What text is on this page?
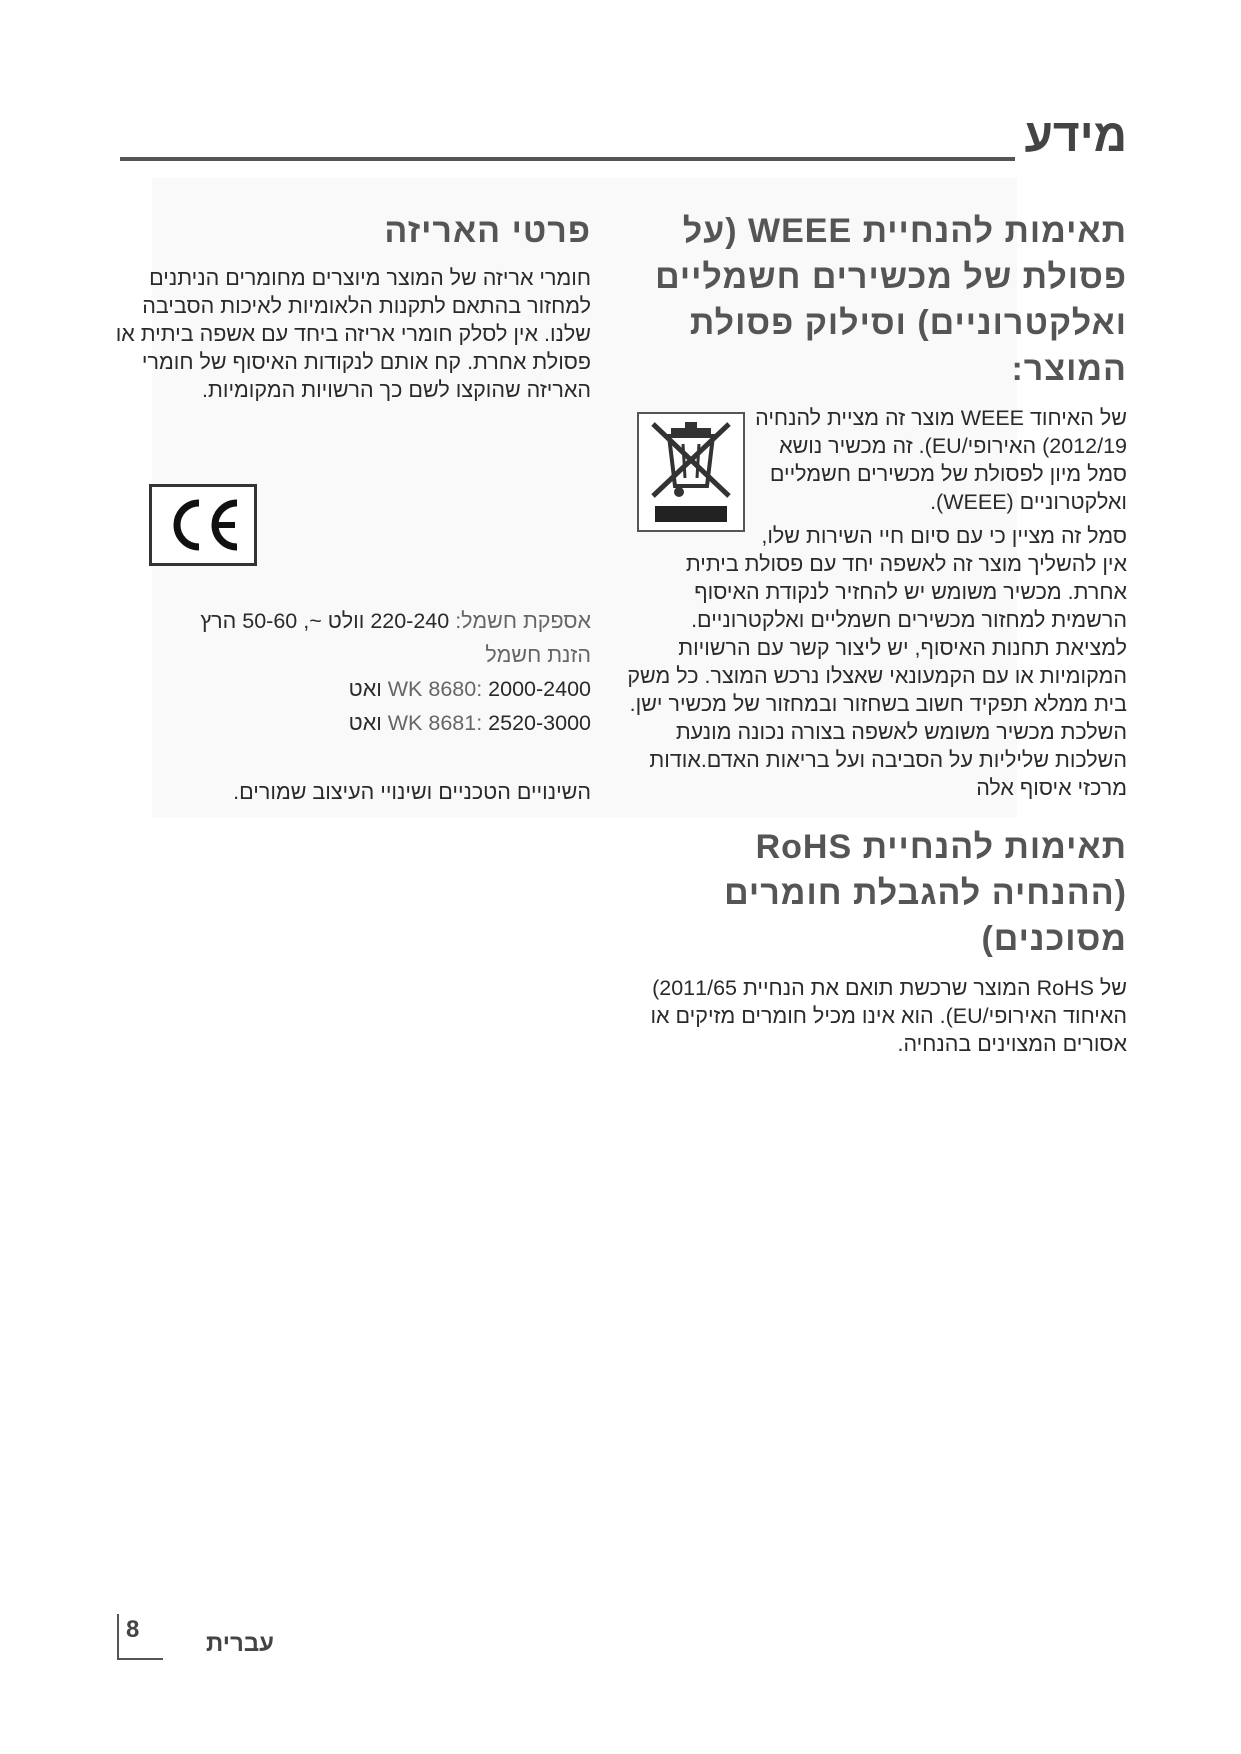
מידע
תאימות להנחיית WEEE (על פסולת של מכשירים חשמליים ואלקטרוניים) וסילוק פסולת המוצר:

של האיחוד WEEE מוצר זה מציית להנחיה 2012/19) האירופי/EU). זה מכשיר נושא סמל מיון לפסולת של מכשירים חשמליים ואלקטרוניים (WEEE).

סמל זה מציין כי עם סיום חיי השירות שלו, אין להשליך מוצר זה לאשפה יחד עם פסולת ביתית אחרת. מכשיר משומש יש להחזיר לנקודת האיסוף הרשמית למחזור מכשירים חשמליים ואלקטרוניים. למציאת תחנות האיסוף, יש ליצור קשר עם הרשויות המקומיות או עם הקמעונאי שאצלו נרכש המוצר. כל משק בית ממלא תפקיד חשוב בשחזור ובמחזור של מכשיר ישן. השלכת מכשיר משומש לאשפה בצורה נכונה מונעת השלכות שליליות על הסביבה ועל בריאות האדם.אודות מרכזי איסוף אלה

תאימות להנחיית RoHS (ההנחיה להגבלת חומרים מסוכנים)

של RoHS המוצר שרכשת תואם את הנחיית 2011/65) האיחוד האירופי/EU). הוא אינו מכיל חומרים מזיקים או אסורים המצוינים בהנחיה.

פרטי האריזה

חומרי אריזה של המוצר מיוצרים מחומרים הניתנים למחזור בהתאם לתקנות הלאומיות לאיכות הסביבה שלנו. אין לסלק חומרי אריזה ביחד עם אשפה ביתית או פסולת אחרת. קח אותם לנקודות האיסוף של חומרי האריזה שהוקצו לשם כך הרשויות המקומיות.

אספקת חשמל: 220-240 וולט ~, 50-60 הרץ
הזנת חשמל
WK 8680: 2000-2400 ואט
WK 8681: 2520-3000 ואט

השינויים הטכניים ושינויי העיצוב שמורים.

8
עברית
